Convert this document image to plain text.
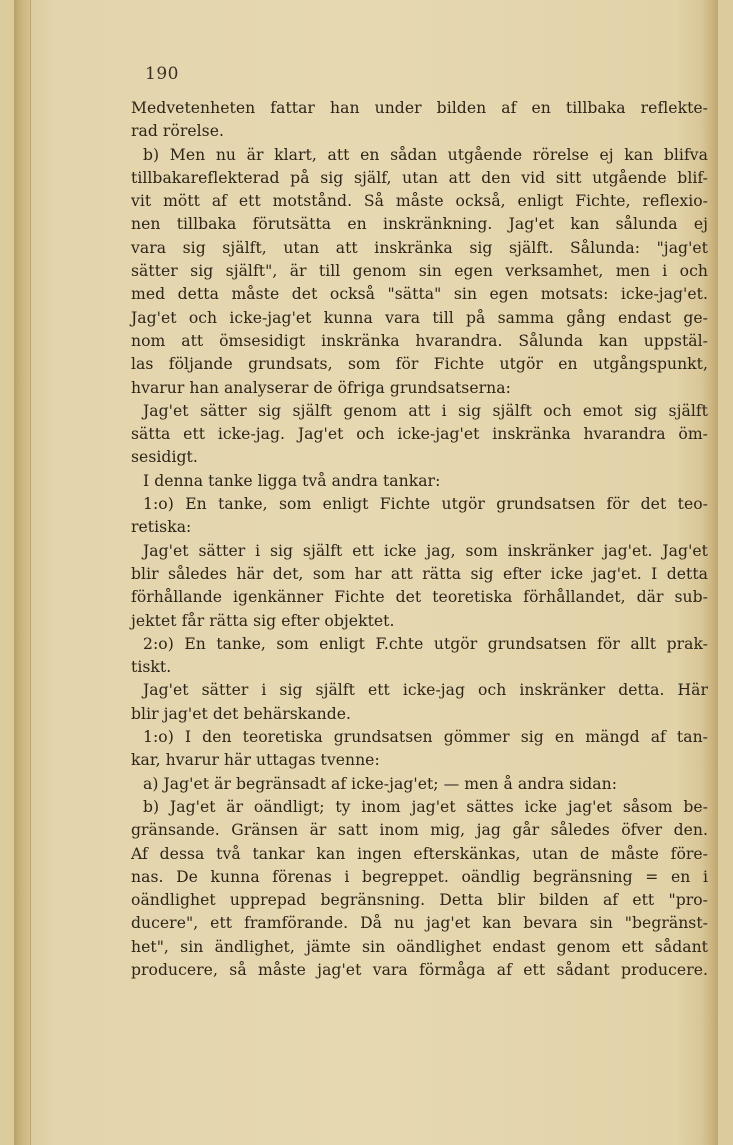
190

Medvetenheten fattar han under bilden af en tillbaka reflekte-
rad rörelse.
b) Men nu är klart, att en sådan utgående rörelse ej kan blifva
tillbakareflekterad på sig själf, utan att den vid sitt utgående blif-
vit mött af ett motstånd. Så måste också, enligt Fichte, reflexio-
nen tillbaka förutsätta en inskränkning. Jag'et kan sålunda ej
vara sig själft, utan att inskränka sig själft. Sålunda: "jag'et
sätter sig själft", är till genom sin egen verksamhet, men i och
med detta måste det också "sätta" sin egen motsats: icke-jag'et.
Jag'et och icke-jag'et kunna vara till på samma gång endast ge-
nom att ömsesidigt inskränka hvarandra. Sålunda kan uppstäl-
las följande grundsats, som för Fichte utgör en utgångspunkt,
hvarur han analyserar de öfriga grundsatserna:
Jag'et sätter sig själft genom att i sig själft och emot sig själft
sätta ett icke-jag. Jag'et och icke-jag'et inskränka hvarandra öm-
sesidigt.
I denna tanke ligga två andra tankar:
1:o) En tanke, som enligt Fichte utgör grundsatsen för det teo-
retiska:
Jag'et sätter i sig själft ett icke jag, som inskränker jag'et. Jag'et
blir således här det, som har att rätta sig efter icke jag'et. I detta
förhållande igenkänner Fichte det teoretiska förhållandet, där sub-
jektet får rätta sig efter objektet.
2:o) En tanke, som enligt F.chte utgör grundsatsen för allt prak-
tiskt.
Jag'et sätter i sig själft ett icke-jag och inskränker detta. Här
blir jag'et det behärskande.
1:o) I den teoretiska grundsatsen gömmer sig en mängd af tan-
kar, hvarur här uttagas tvenne:
a) Jag'et är begränsadt af icke-jag'et; — men å andra sidan:
b) Jag'et är oändligt; ty inom jag'et sättes icke jag'et såsom be-
gränsande. Gränsen är satt inom mig, jag går således öfver den.
Af dessa två tankar kan ingen efterskänkas, utan de måste före-
nas. De kunna förenas i begreppet. oändlig begränsning = en i
oändlighet upprepad begränsning. Detta blir bilden af ett "pro-
ducere", ett framförande. Då nu jag'et kan bevara sin "begränst-
het", sin ändlighet, jämte sin oändlighet endast genom ett sådant
producere, så måste jag'et vara förmåga af ett sådant producere.
